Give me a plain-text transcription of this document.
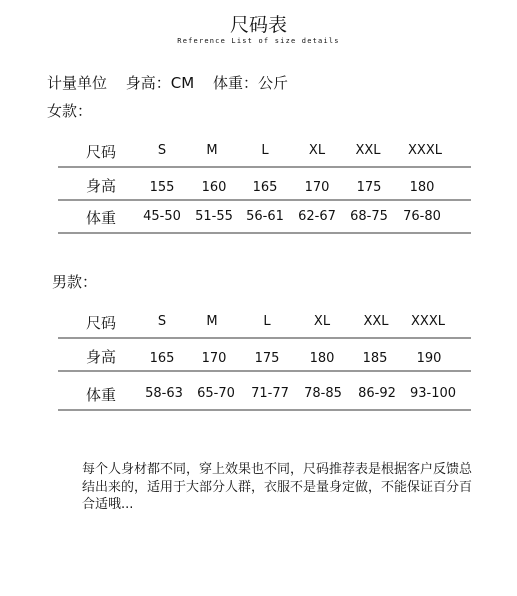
尺码表
Reference List of size details
计量单位 身高：CM 体重：公斤
女款：
尺码	S	M	L	XL	XXL	XXXL
身高	155	160	165	170	175	180
体重	45-50	51-55	56-61	62-67	68-75	76-80
男款：
尺码	S	M	L	XL	XXL	XXXL
身高	165	170	175	180	185	190
体重	58-63	65-70	71-77	78-85	86-92	93-100
每个人身材都不同，穿上效果也不同，尺码推荐表是根据客户反馈总结出来的，适用于大部分人群，衣服不是量身定做，不能保证百分百合适哦...
